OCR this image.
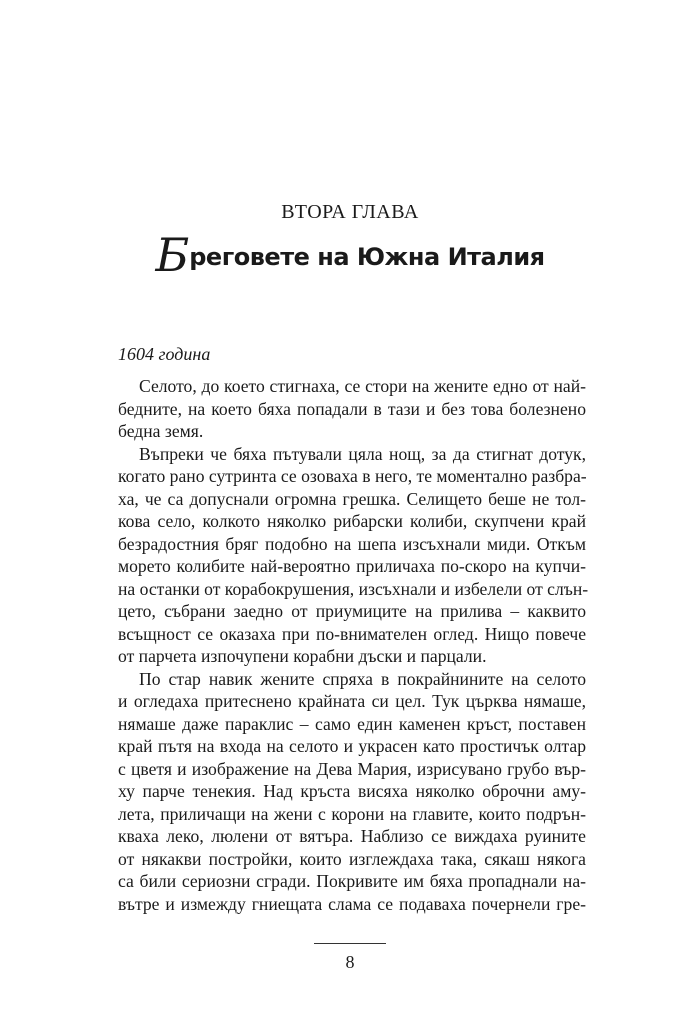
ВТОРА ГЛАВА
Бреговете на Южна Италия
1604 година
Селото, до което стигнаха, се стори на жените едно от най-
бедните, на което бяха попадали в тази и без това болезнено
бедна земя.
Въпреки че бяха пътували цяла нощ, за да стигнат дотук,
когато рано сутринта се озоваха в него, те моментално разбра-
ха, че са допуснали огромна грешка. Селището беше не тол-
кова село, колкото няколко рибарски колиби, скупчени край
безрадостния бряг подобно на шепа изсъхнали миди. Откъм
морето колибите най-вероятно приличаха по-скоро на купчи-
на останки от корабокрушения, изсъхнали и избелели от слън-
цето, събрани заедно от приумиците на прилива – каквито
всъщност се оказаха при по-внимателен оглед. Нищо повече
от парчета изпочупени корабни дъски и парцали.
По стар навик жените спряха в покрайнините на селото
и огледаха притеснено крайната си цел. Тук църква нямаше,
нямаше даже параклис – само един каменен кръст, поставен
край пътя на входа на селото и украсен като простичък олтар
с цветя и изображение на Дева Мария, изрисувано грубо вър-
ху парче тенекия. Над кръста висяха няколко оброчни аму-
лета, приличащи на жени с корони на главите, които подрън-
кваха леко, люлени от вятъра. Наблизо се виждаха руините
от някакви постройки, които изглеждаха така, сякаш някога
са били сериозни сгради. Покривите им бяха пропаднали на-
вътре и измежду гниещата слама се подаваха почернели гре-
8
